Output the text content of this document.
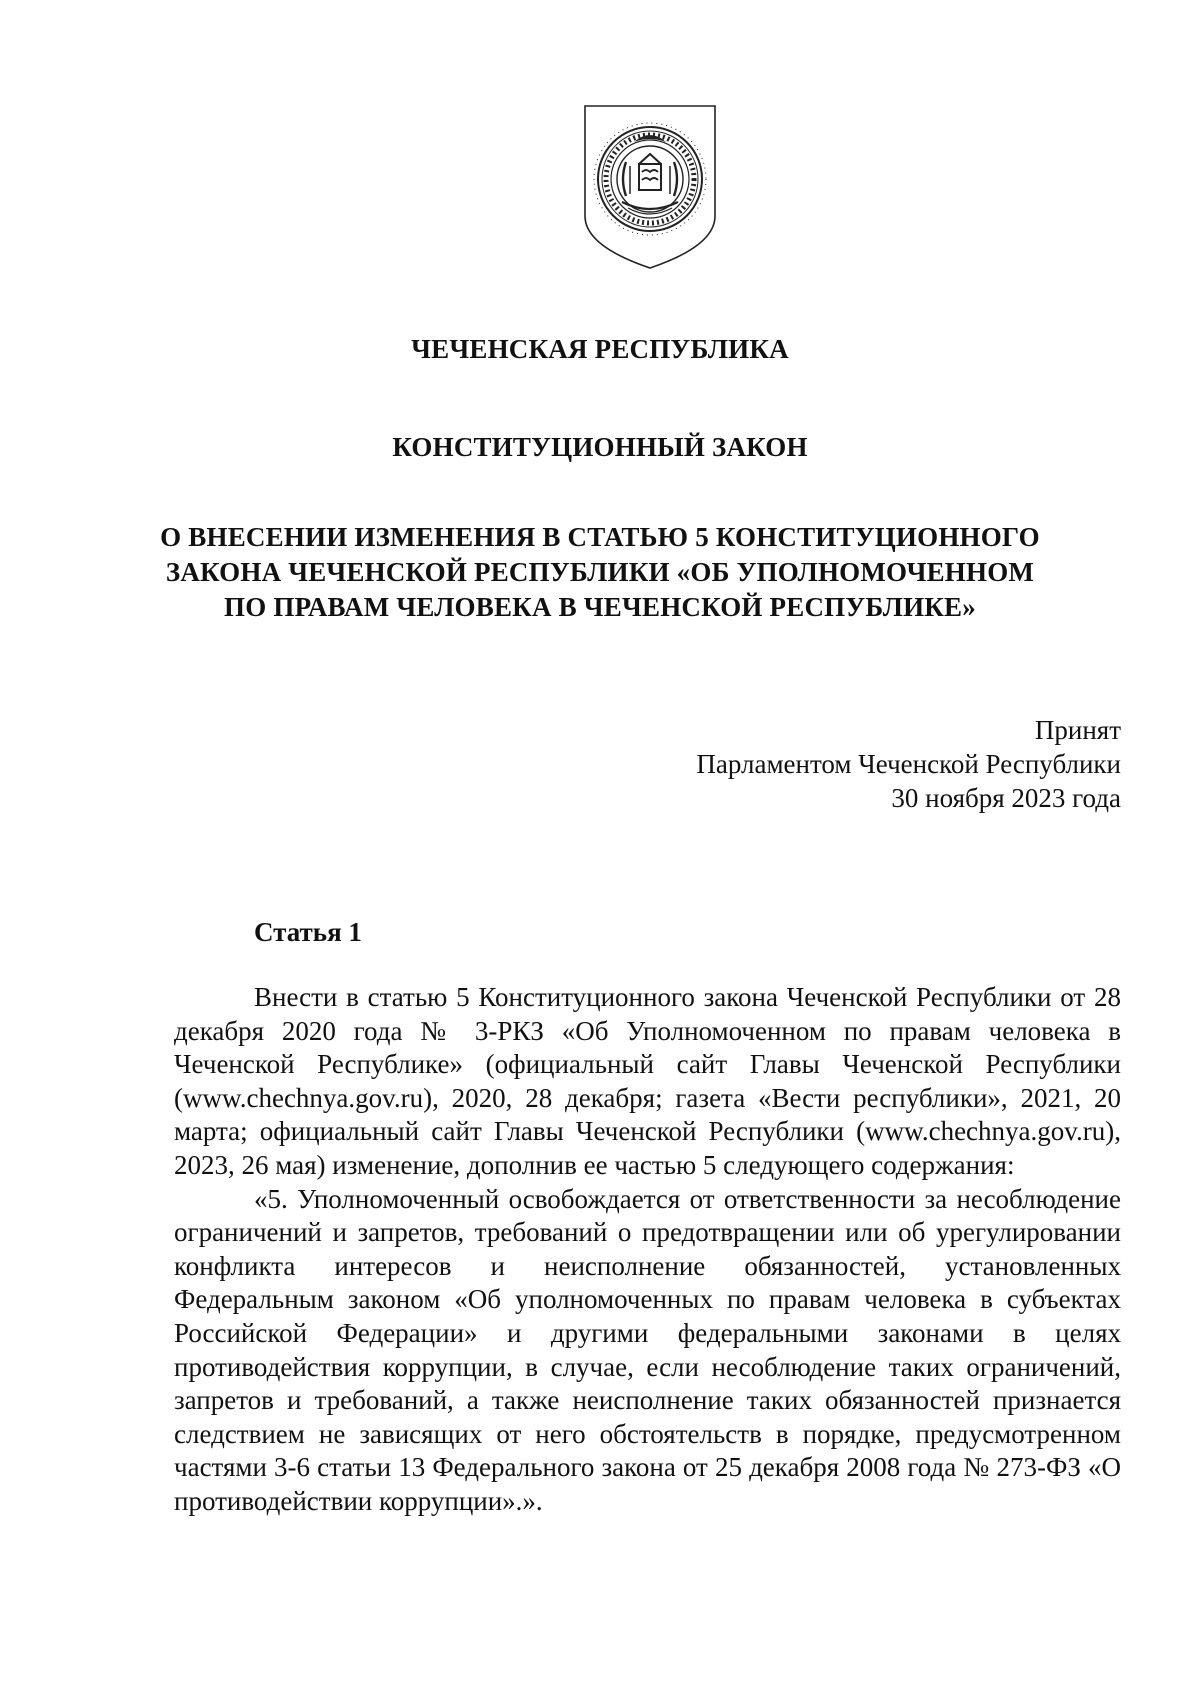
ЧЕЧЕНСКАЯ РЕСПУБЛИКА
КОНСТИТУЦИОННЫЙ ЗАКОН
О ВНЕСЕНИИ ИЗМЕНЕНИЯ В СТАТЬЮ 5 КОНСТИТУЦИОННОГО
ЗАКОНА ЧЕЧЕНСКОЙ РЕСПУБЛИКИ «ОБ УПОЛНОМОЧЕННОМ
ПО ПРАВАМ ЧЕЛОВЕКА В ЧЕЧЕНСКОЙ РЕСПУБЛИКЕ»
Принят
Парламентом Чеченской Республики
30 ноября 2023 года
Статья 1

Внести в статью 5 Конституционного закона Чеченской Республики от 28 декабря 2020 года № 3-РКЗ «Об Уполномоченном по правам человека в Чеченской Республике» (официальный сайт Главы Чеченской Республики (www.chechnya.gov.ru), 2020, 28 декабря; газета «Вести республики», 2021, 20 марта; официальный сайт Главы Чеченской Республики (www.chechnya.gov.ru), 2023, 26 мая) изменение, дополнив ее частью 5 следующего содержания:

«5. Уполномоченный освобождается от ответственности за несоблюдение ограничений и запретов, требований о предотвращении или об урегулировании конфликта интересов и неисполнение обязанностей, установленных Федеральным законом «Об уполномоченных по правам человека в субъектах Российской Федерации» и другими федеральными законами в целях противодействия коррупции, в случае, если несоблюдение таких ограничений, запретов и требований, а также неисполнение таких обязанностей признается следствием не зависящих от него обстоятельств в порядке, предусмотренном частями 3-6 статьи 13 Федерального закона от 25 декабря 2008 года № 273-ФЗ «О противодействии коррупции».».
